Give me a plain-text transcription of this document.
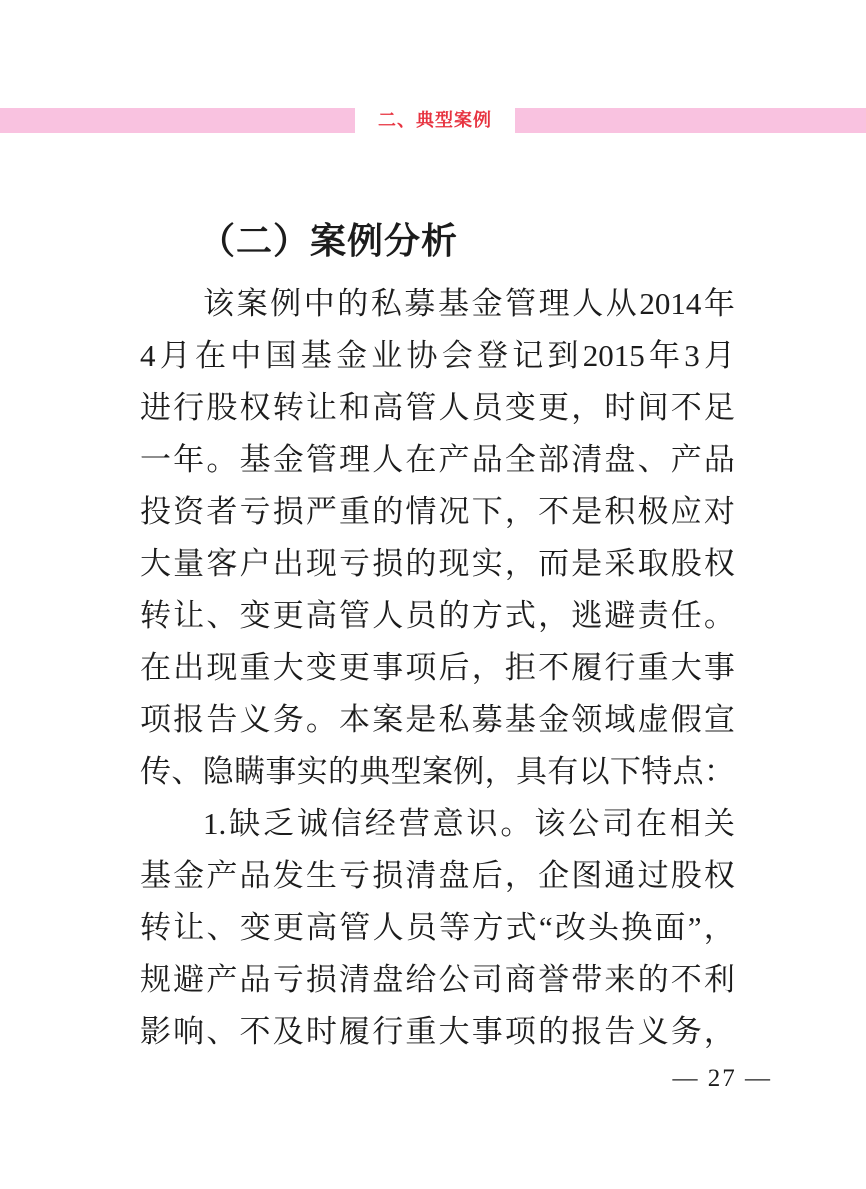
二、典型案例
（二）案例分析
该 案 例 中 的 私 募 基 金 管 理 人 从 2014 年
4 月 在 中 国 基 金 业 协 会 登 记 到 2015 年 3 月
进 行 股 权 转 让 和 高 管 人 员 变 更 ， 时 间 不 足
一 年 。 基 金 管 理 人 在 产 品 全 部 清 盘 、 产 品
投 资 者 亏 损 严 重 的 情 况 下 ， 不 是 积 极 应 对
大 量 客 户 出 现 亏 损 的 现 实 ， 而 是 采 取 股 权
转 让 、 变 更 高 管 人 员 的 方 式 ， 逃 避 责 任 。
在 出 现 重 大 变 更 事 项 后 ， 拒 不 履 行 重 大 事
项 报 告 义 务 。 本 案 是 私 募 基 金 领 域 虚 假 宣
传 、 隐 瞒 事 实 的 典 型 案 例 ， 具 有 以 下 特 点 ：
1. 缺 乏 诚 信 经 营 意 识 。 该 公 司 在 相 关
基 金 产 品 发 生 亏 损 清 盘 后 ， 企 图 通 过 股 权
转 让 、 变 更 高 管 人 员 等 方 式 “ 改 头 换 面 ” ，
规 避 产 品 亏 损 清 盘 给 公 司 商 誉 带 来 的 不 利
影 响 、 不 及 时 履 行 重 大 事 项 的 报 告 义 务 ，
— 27 —
